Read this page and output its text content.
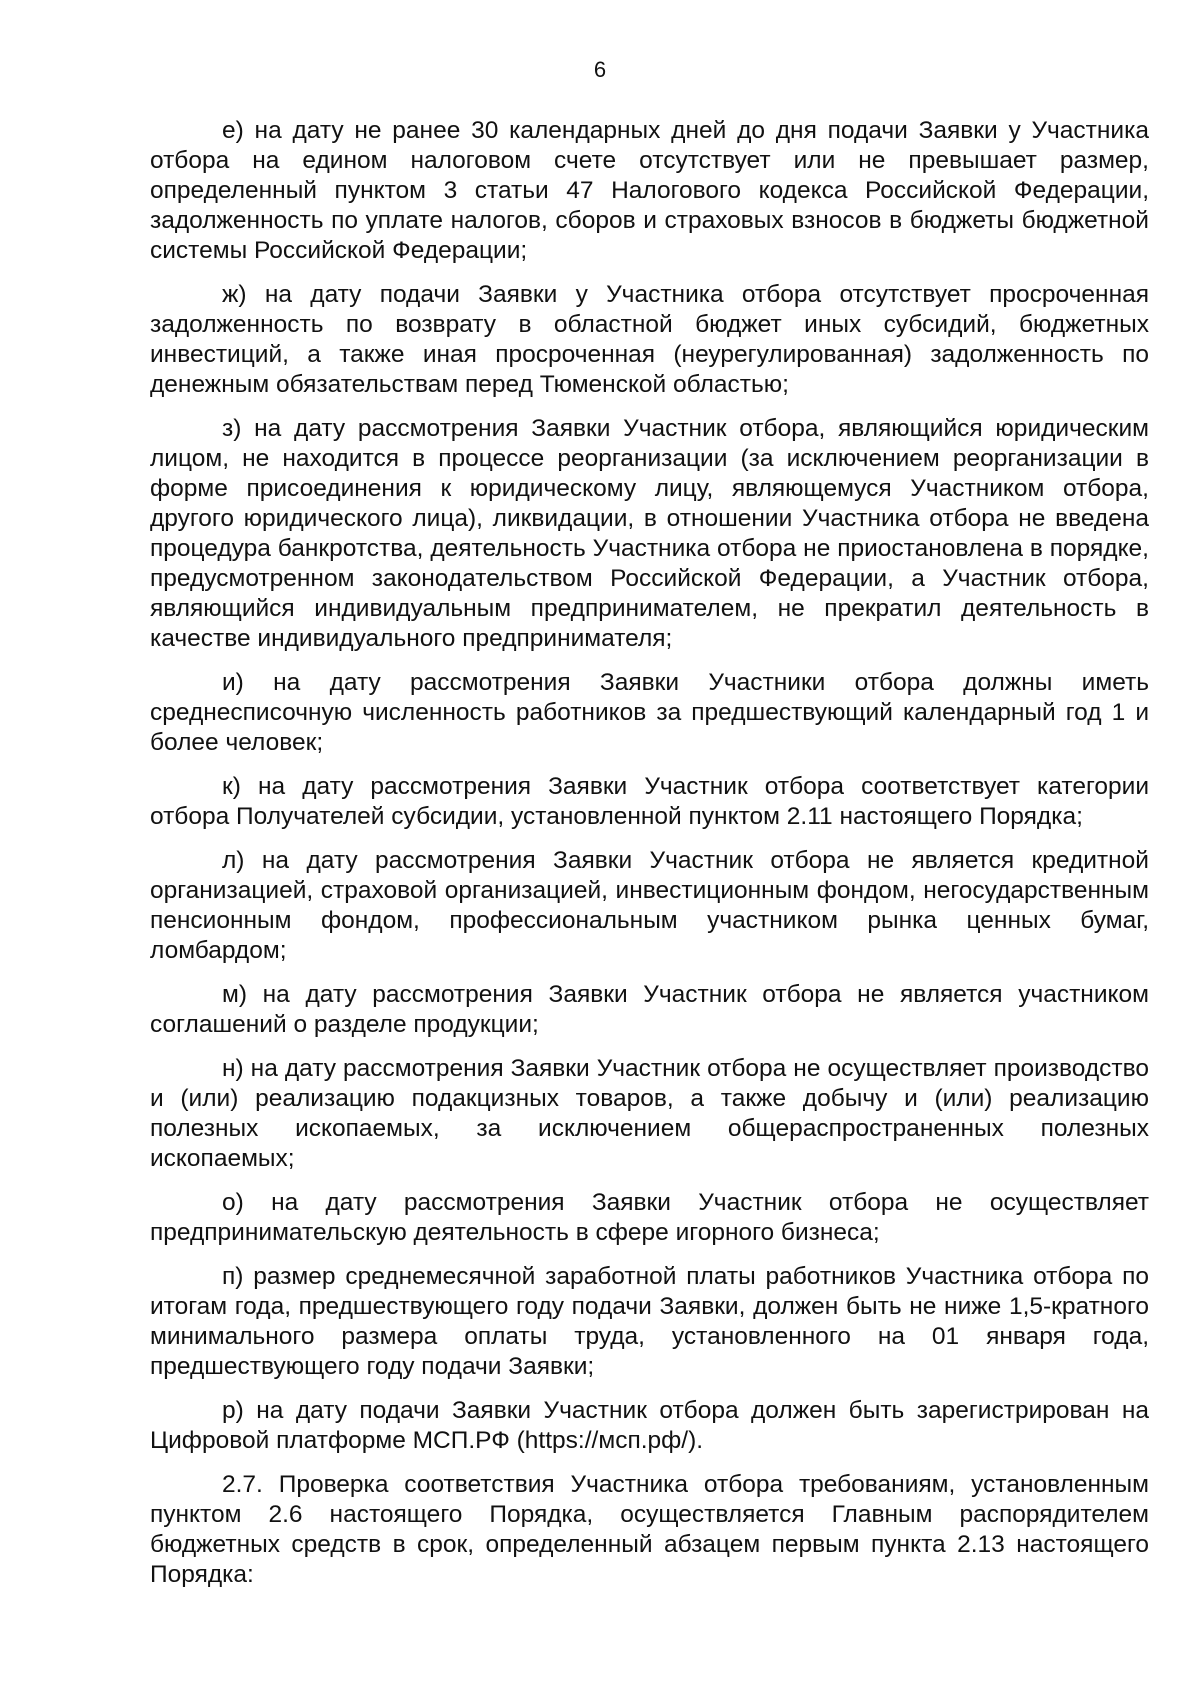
6

е) на дату не ранее 30 календарных дней до дня подачи Заявки у Участника отбора на едином налоговом счете отсутствует или не превышает размер, определенный пунктом 3 статьи 47 Налогового кодекса Российской Федерации, задолженность по уплате налогов, сборов и страховых взносов в бюджеты бюджетной системы Российской Федерации;

ж) на дату подачи Заявки у Участника отбора отсутствует просроченная задолженность по возврату в областной бюджет иных субсидий, бюджетных инвестиций, а также иная просроченная (неурегулированная) задолженность по денежным обязательствам перед Тюменской областью;

з) на дату рассмотрения Заявки Участник отбора, являющийся юридическим лицом, не находится в процессе реорганизации (за исключением реорганизации в форме присоединения к юридическому лицу, являющемуся Участником отбора, другого юридического лица), ликвидации, в отношении Участника отбора не введена процедура банкротства, деятельность Участника отбора не приостановлена в порядке, предусмотренном законодательством Российской Федерации, а Участник отбора, являющийся индивидуальным предпринимателем, не прекратил деятельность в качестве индивидуального предпринимателя;

и) на дату рассмотрения Заявки Участники отбора должны иметь среднесписочную численность работников за предшествующий календарный год 1 и более человек;

к) на дату рассмотрения Заявки Участник отбора соответствует категории отбора Получателей субсидии, установленной пунктом 2.11 настоящего Порядка;

л) на дату рассмотрения Заявки Участник отбора не является кредитной организацией, страховой организацией, инвестиционным фондом, негосударственным пенсионным фондом, профессиональным участником рынка ценных бумаг, ломбардом;

м) на дату рассмотрения Заявки Участник отбора не является участником соглашений о разделе продукции;

н) на дату рассмотрения Заявки Участник отбора не осуществляет производство и (или) реализацию подакцизных товаров, а также добычу и (или) реализацию полезных ископаемых, за исключением общераспространенных полезных ископаемых;

о) на дату рассмотрения Заявки Участник отбора не осуществляет предпринимательскую деятельность в сфере игорного бизнеса;

п) размер среднемесячной заработной платы работников Участника отбора по итогам года, предшествующего году подачи Заявки, должен быть не ниже 1,5-кратного минимального размера оплаты труда, установленного на 01 января года, предшествующего году подачи Заявки;

р) на дату подачи Заявки Участник отбора должен быть зарегистрирован на Цифровой платформе МСП.РФ (https://мсп.рф/).

2.7. Проверка соответствия Участника отбора требованиям, установленным пунктом 2.6 настоящего Порядка, осуществляется Главным распорядителем бюджетных средств в срок, определенный абзацем первым пункта 2.13 настоящего Порядка:
